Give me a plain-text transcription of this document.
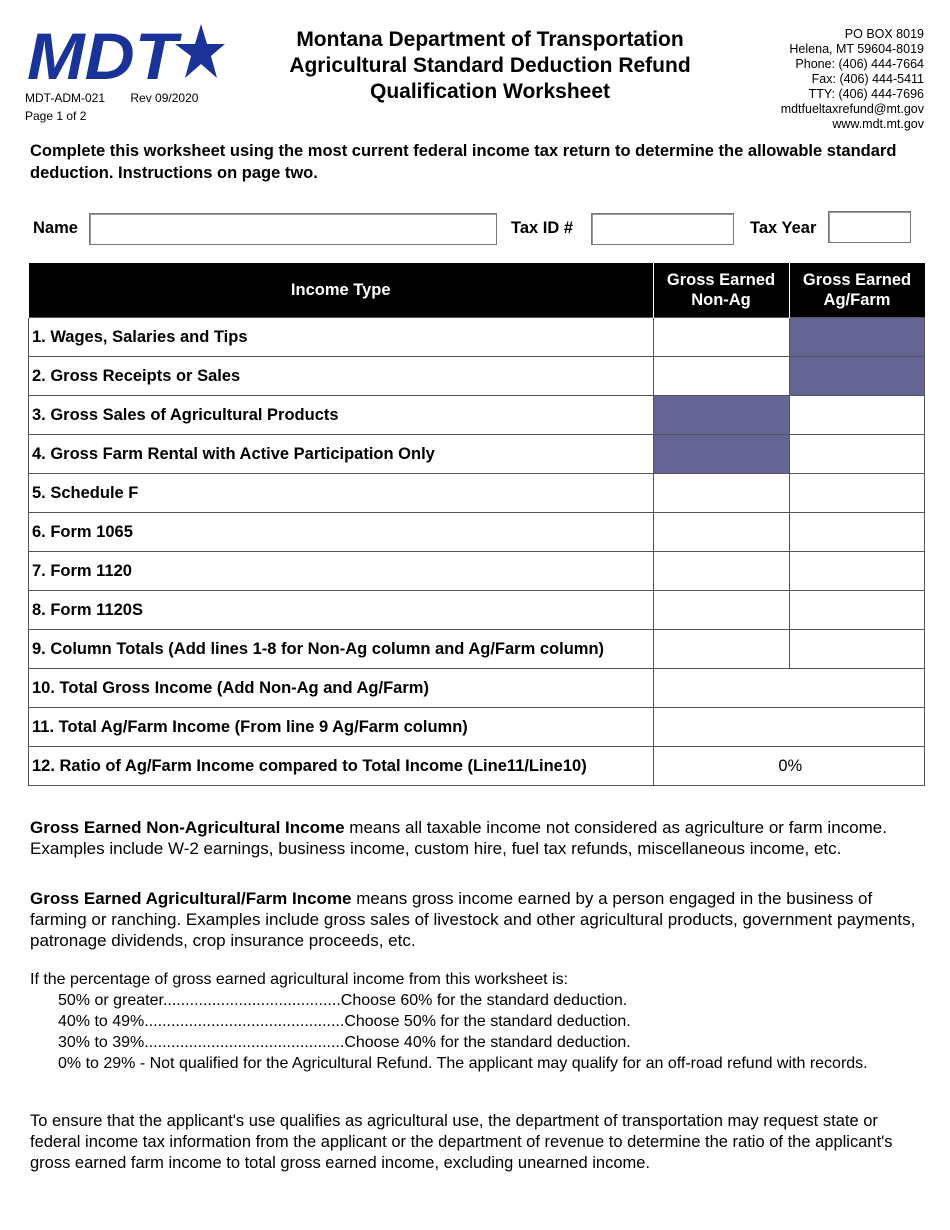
MDT
MDT-ADM-021 Rev 09/2020
Page 1 of 2
Montana Department of Transportation
Agricultural Standard Deduction Refund
Qualification Worksheet
PO BOX 8019
Helena, MT 59604-8019
Phone: (406) 444-7664
Fax: (406) 444-5411
TTY: (406) 444-7696
mdtfueltaxrefund@mt.gov
www.mdt.mt.gov
Complete this worksheet using the most current federal income tax return to determine the allowable standard deduction. Instructions on page two.
Name	Tax ID #	Tax Year
Income Type	Gross Earned Non-Ag	Gross Earned Ag/Farm
1. Wages, Salaries and Tips		
2. Gross Receipts or Sales		
3. Gross Sales of Agricultural Products		
4. Gross Farm Rental with Active Participation Only		
5. Schedule F		
6. Form 1065		
7. Form 1120		
8. Form 1120S		
9. Column Totals (Add lines 1-8 for Non-Ag column and Ag/Farm column)		
10. Total Gross Income (Add Non-Ag and Ag/Farm)		
11. Total Ag/Farm Income (From line 9 Ag/Farm column)		
12. Ratio of Ag/Farm Income compared to Total Income (Line11/Line10)	0%	
Gross Earned Non-Agricultural Income means all taxable income not considered as agriculture or farm income. Examples include W-2 earnings, business income, custom hire, fuel tax refunds, miscellaneous income, etc.
Gross Earned Agricultural/Farm Income means gross income earned by a person engaged in the business of farming or ranching. Examples include gross sales of livestock and other agricultural products, government payments, patronage dividends, crop insurance proceeds, etc.
If the percentage of gross earned agricultural income from this worksheet is:
50% or greater........................................Choose 60% for the standard deduction.
40% to 49%.............................................Choose 50% for the standard deduction.
30% to 39%.............................................Choose 40% for the standard deduction.
0% to 29% - Not qualified for the Agricultural Refund. The applicant may qualify for an off-road refund with records.
To ensure that the applicant's use qualifies as agricultural use, the department of transportation may request state or federal income tax information from the applicant or the department of revenue to determine the ratio of the applicant's gross earned farm income to total gross earned income, excluding unearned income.
